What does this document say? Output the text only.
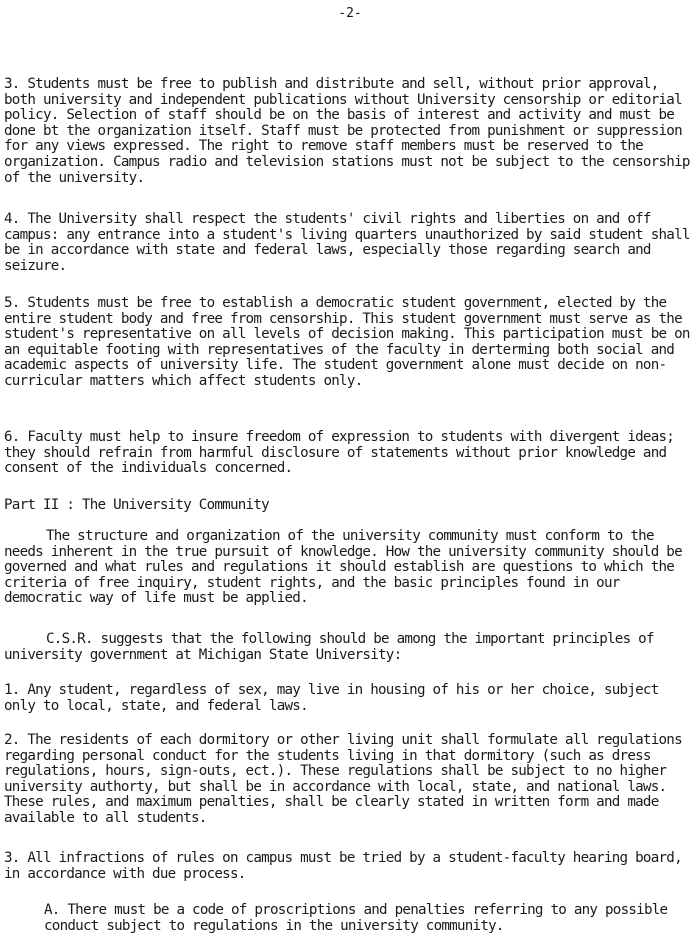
-2-

3. Students must be free to publish and distribute and sell, without prior approval, both university and independent publications without University censorship or editorial policy. Selection of staff should be on the basis of interest and activity and must be done bt the organization itself. Staff must be protected from punishment or suppression for any views expressed. The right to remove staff members must be reserved to the organization. Campus radio and television stations must not be subject to the censorship of the university.

4. The University shall respect the students' civil rights and liberties on and off campus: any entrance into a student's living quarters unauthorized by said student shall be in accordance with state and federal laws, especially those regarding search and seizure.

5. Students must be free to establish a democratic student government, elected by the entire student body and free from censorship. This student government must serve as the student's representative on all levels of decision making. This participation must be on an equitable footing with representatives of the faculty in derterming both social and academic aspects of university life. The student government alone must decide on non-curricular matters which affect students only.

6. Faculty must help to insure freedom of expression to students with divergent ideas; they should refrain from harmful disclosure of statements without prior knowledge and consent of the individuals concerned.

Part II : The University Community

The structure and organization of the university community must conform to the needs inherent in the true pursuit of knowledge. How the university community should be governed and what rules and regulations it should establish are questions to which the criteria of free inquiry, student rights, and the basic principles found in our democratic way of life must be applied.

C.S.R. suggests that the following should be among the important principles of university government at Michigan State University:

1. Any student, regardless of sex, may live in housing of his or her choice, subject only to local, state, and federal laws.

2. The residents of each dormitory or other living unit shall formulate all regulations regarding personal conduct for the students living in that dormitory (such as dress regulations, hours, sign-outs, ect.). These regulations shall be subject to no higher university authorty, but shall be in accordance with local, state, and national laws. These rules, and maximum penalties, shall be clearly stated in written form and made available to all students.

3. All infractions of rules on campus must be tried by a student-faculty hearing board, in accordance with due process.

A. There must be a code of proscriptions and penalties referring to any possible conduct subject to regulations in the university community.
